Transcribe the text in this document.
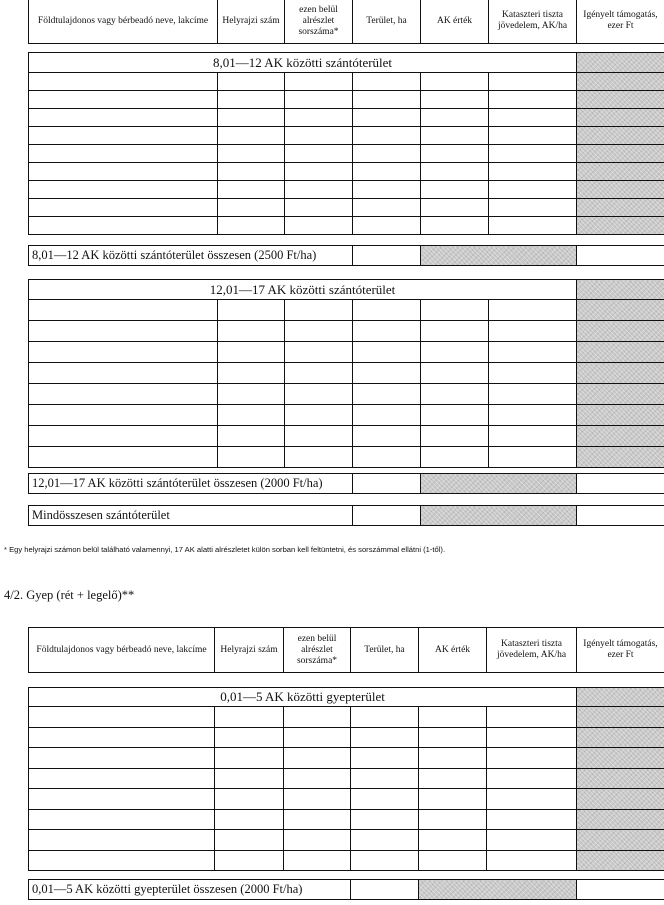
Földtulajdonos vagy bérbeadó neve, lakcíme	Helyrajzi szám	ezen belül alrészlet sorszáma*	Terület, ha	AK érték	Kataszteri tiszta jövedelem, AK/ha	Igényelt támogatás, ezer Ft
8,01—12 AK közötti szántóterület						

8,01—12 AK közötti szántóterület összesen (2500 Ft/ha)			
12,01—17 AK közötti szántóterület						

12,01—17 AK közötti szántóterület összesen (2000 Ft/ha)			
Mindösszesen szántóterület			
* Egy helyrajzi számon belül található valamennyi, 17 AK alatti alrészletet külön sorban kell feltüntetni, és sorszámmal ellátni (1-től).
4/2. Gyep (rét + legelő)**
Földtulajdonos vagy bérbeadó neve, lakcíme	Helyrajzi szám	ezen belül alrészlet sorszáma*	Terület, ha	AK érték	Kataszteri tiszta jövedelem, AK/ha	Igényelt támogatás, ezer Ft
0,01—5 AK közötti gyepterület						

0,01—5 AK közötti gyepterület összesen (2000 Ft/ha)			
